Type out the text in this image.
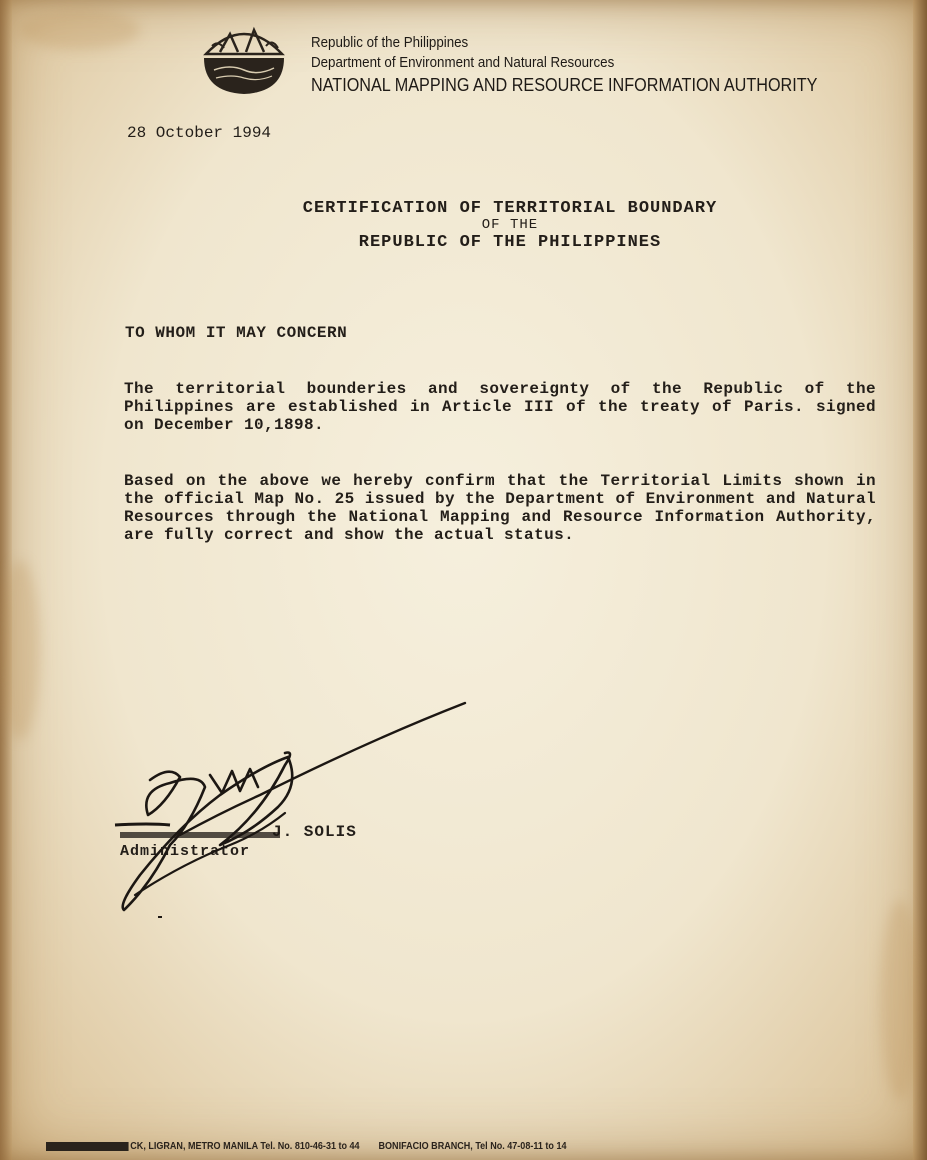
Republic of the Philippines
Department of Environment and Natural Resources
NATIONAL MAPPING AND RESOURCE INFORMATION AUTHORITY
28 October 1994
CERTIFICATION OF TERRITORIAL BOUNDARY
OF THE
REPUBLIC OF THE PHILIPPINES
TO WHOM IT MAY CONCERN
The territorial bounderies and sovereignty of the Republic of the Philippines are established in Article III of the treaty of Paris. signed on December 10,1898.
Based on the above we hereby confirm that the Territorial Limits shown in the official Map No. 25 issued by the Department of Environment and Natural Resources through the National Mapping and Resource Information Authority, are fully correct and show the actual status.
J. SOLIS
Administrator
CK, LIGRAN, METRO MANILA Tel. No. 810-46-31 to 44 BONIFACIO BRANCH, Tel No. 47-08-11 to 14
